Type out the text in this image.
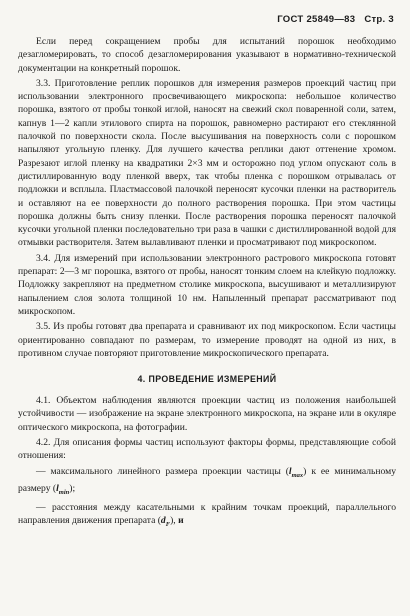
ГОСТ 25849—83 Стр. 3

Если перед сокращением пробы для испытаний порошок необходимо дезагломерировать, то способ дезагломерирования указывают в нормативно-технической документации на конкретный порошок.

3.3. Приготовление реплик порошков для измерения размеров проекций частиц при использовании электронного просвечивающего микроскопа: небольшое количество порошка, взятого от пробы тонкой иглой, наносят на свежий скол поваренной соли, затем, капнув 1—2 капли этилового спирта на порошок, равномерно растирают его стеклянной палочкой по поверхности скола. После высушивания на поверхность соли с порошком напыляют угольную пленку. Для лучшего качества реплики дают оттенение хромом. Разрезают иглой пленку на квадратики 2×3 мм и осторожно под углом опускают соль в дистиллированную воду пленкой вверх, так чтобы пленка с порошком отрывалась от подложки и всплыла. Пластмассовой палочкой переносят кусочки пленки на растворитель и оставляют на ее поверхности до полного растворения порошка. При этом частицы порошка должны быть снизу пленки. После растворения порошка переносят палочкой кусочки угольной пленки последовательно три раза в чашки с дистиллированной водой для отмывки растворителя. Затем вылавливают пленки и просматривают под микроскопом.

3.4. Для измерений при использовании электронного растрового микроскопа готовят препарат: 2—3 мг порошка, взятого от пробы, наносят тонким слоем на клейкую подложку. Подложку закрепляют на предметном столике микроскопа, высушивают и металлизируют напылением слоя золота толщиной 10 нм. Напыленный препарат рассматривают под микроскопом.

3.5. Из пробы готовят два препарата и сравнивают их под микроскопом. Если частицы ориентированно совпадают по размерам, то измерение проводят на одной из них, в противном случае повторяют приготовление микроскопического препарата.

4. ПРОВЕДЕНИЕ ИЗМЕРЕНИЙ

4.1. Объектом наблюдения являются проекции частиц из положения наибольшей устойчивости — изображение на экране электронного микроскопа, на экране или в окуляре оптического микроскопа, на фотографии.

4.2. Для описания формы частиц используют факторы формы, представляющие собой отношения:

— максимального линейного размера проекции частицы $(l_{max})$ к ее минимальному размеру $(l_{min})$;

— расстояния между касательными к крайним точкам проекций, параллельного направления движения препарата $(d_F)$, и
